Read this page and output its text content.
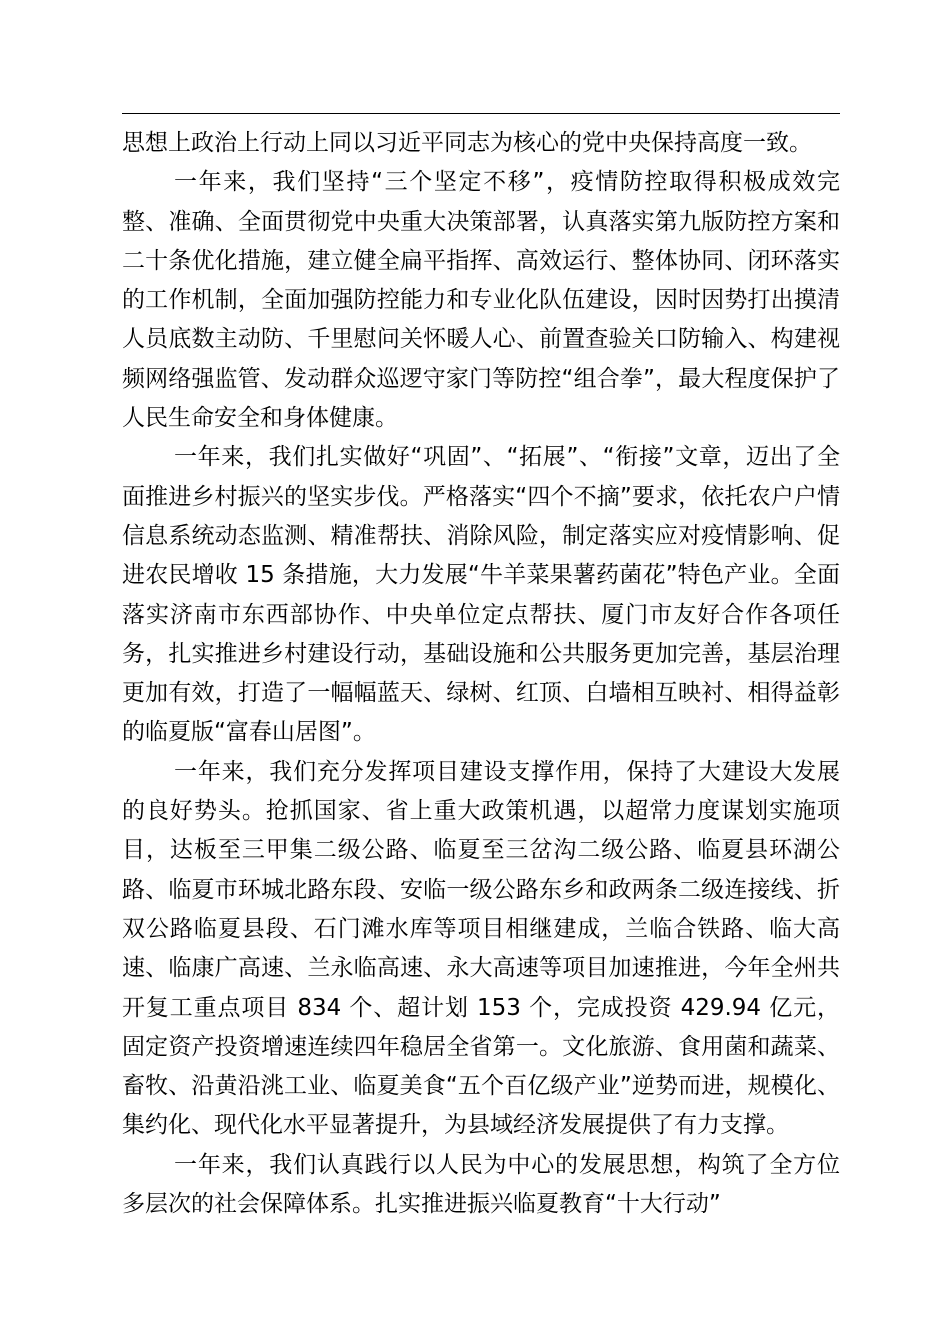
思想上政治上行动上同以习近平同志为核心的党中央保持高度一致。

一年来，我们坚持“三个坚定不移”，疫情防控取得积极成效完整、准确、全面贯彻党中央重大决策部署，认真落实第九版防控方案和二十条优化措施，建立健全扁平指挥、高效运行、整体协同、闭环落实的工作机制，全面加强防控能力和专业化队伍建设，因时因势打出摸清人员底数主动防、千里慰问关怀暖人心、前置查验关口防输入、构建视频网络强监管、发动群众巡逻守家门等防控“组合拳”，最大程度保护了人民生命安全和身体健康。

一年来，我们扎实做好“巩固”、“拓展”、“衔接”文章，迈出了全面推进乡村振兴的坚实步伐。严格落实“四个不摘”要求，依托农户户情信息系统动态监测、精准帮扶、消除风险，制定落实应对疫情影响、促进农民增收 15 条措施，大力发展“牛羊菜果薯药菌花”特色产业。全面落实济南市东西部协作、中央单位定点帮扶、厦门市友好合作各项任务，扎实推进乡村建设行动，基础设施和公共服务更加完善，基层治理更加有效，打造了一幅幅蓝天、绿树、红顶、白墙相互映衬、相得益彰的临夏版“富春山居图”。

一年来，我们充分发挥项目建设支撑作用，保持了大建设大发展的良好势头。抢抓国家、省上重大政策机遇，以超常力度谋划实施项目，达板至三甲集二级公路、临夏至三岔沟二级公路、临夏县环湖公路、临夏市环城北路东段、安临一级公路东乡和政两条二级连接线、折双公路临夏县段、石门滩水库等项目相继建成，兰临合铁路、临大高速、临康广高速、兰永临高速、永大高速等项目加速推进，今年全州共开复工重点项目 834 个、超计划 153 个，完成投资 429.94 亿元，固定资产投资增速连续四年稳居全省第一。文化旅游、食用菌和蔬菜、畜牧、沿黄沿洮工业、临夏美食“五个百亿级产业”逆势而进，规模化、集约化、现代化水平显著提升，为县域经济发展提供了有力支撑。

一年来，我们认真践行以人民为中心的发展思想，构筑了全方位多层次的社会保障体系。扎实推进振兴临夏教育“十大行动”
